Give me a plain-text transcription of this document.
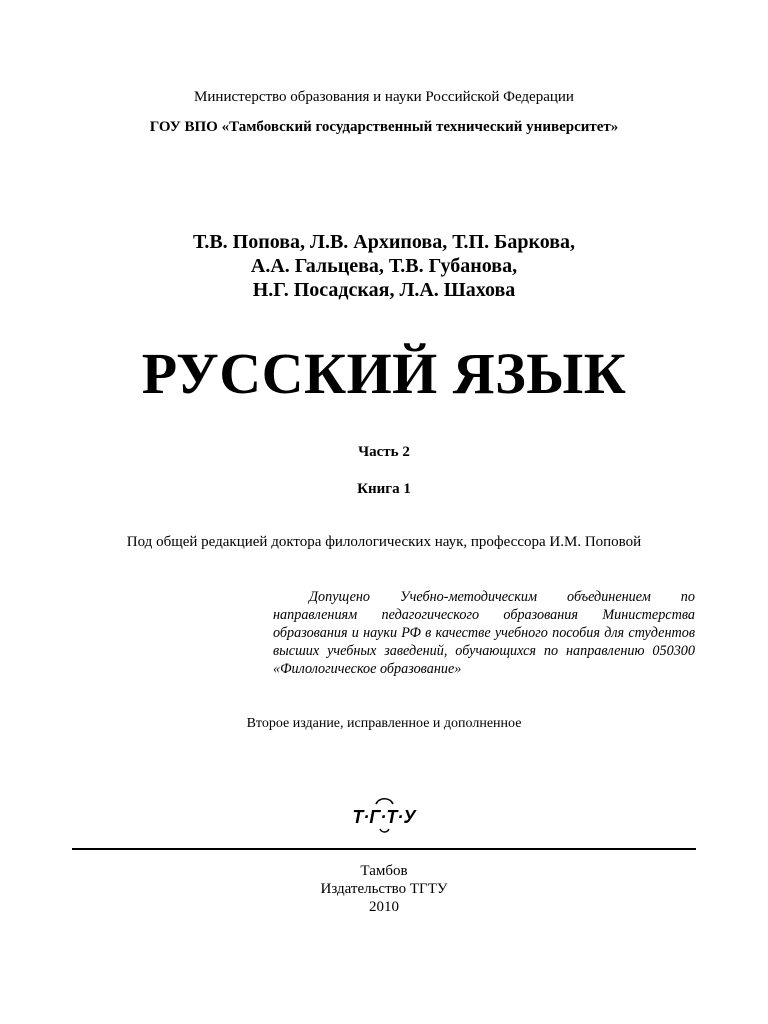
Министерство образования и науки Российской Федерации
ГОУ ВПО «Тамбовский государственный технический университет»
Т.В. Попова, Л.В. Архипова, Т.П. Баркова,
А.А. Гальцева, Т.В. Губанова,
Н.Г. Посадская, Л.А. Шахова
РУССКИЙ ЯЗЫК
Часть 2
Книга 1
Под общей редакцией доктора филологических наук, профессора И.М. Поповой

Допущено Учебно-методическим объединением по направлениям педагогического образования Министерства образования и науки РФ в качестве учебного пособия для студентов высших учебных заведений, обучающихся по направлению 050300 «Филологическое образование»

Второе издание, исправленное и дополненное
Т·Г·Т·У
Тамбов
Издательство ТГТУ
2010
